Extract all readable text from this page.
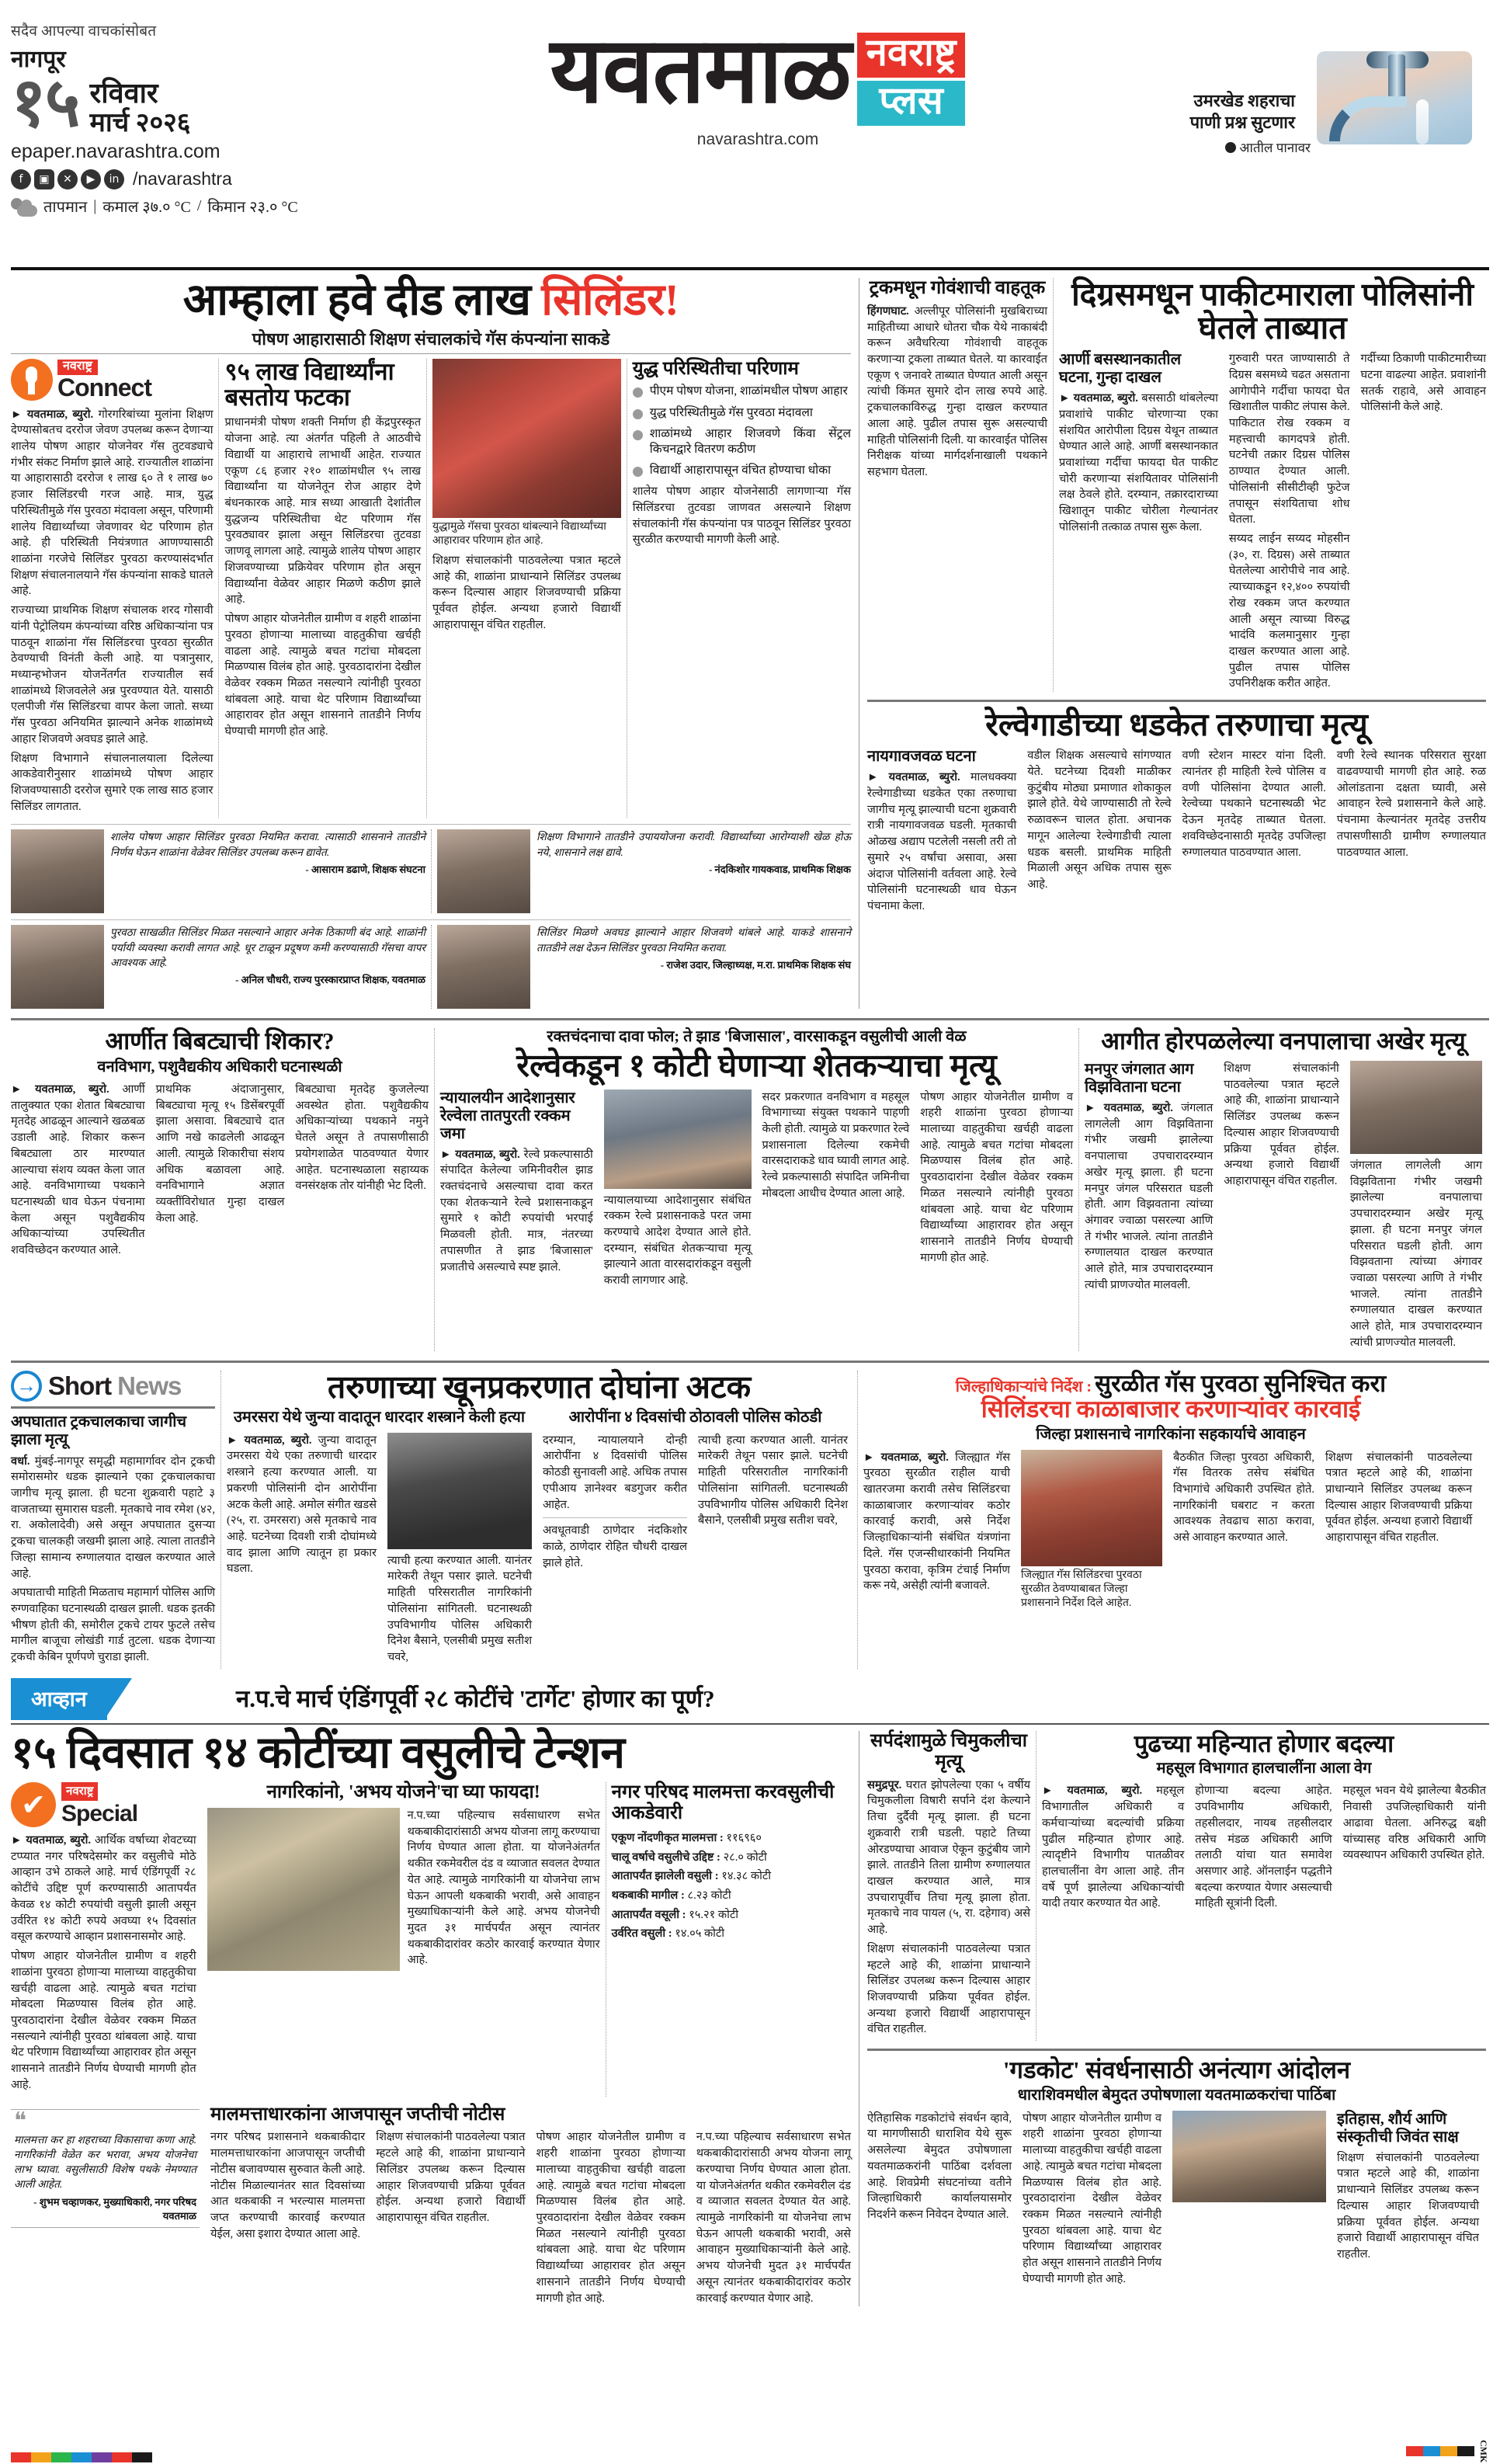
सदैव आपल्या वाचकांसोबत
नागपूर
१५ रविवार
मार्च २०२६
epaper.navarashtra.com
f	▣	✕	▶	in /navarashtra
तापमान | कमाल ३७.० °C / किमान २३.० °C
यवतमाळ नवराष्ट्र
प्लस
navarashtra.com
उमरखेड शहराचा पाणी प्रश्न सुटणार
आतील पानावर
आम्हाला हवे दीड लाख सिलिंडर!
पोषण आहारासाठी शिक्षण संचालकांचे गॅस कंपन्यांना साकडे
नवराष्ट्र
Connect

► यवतमाळ, ब्युरो. गोरगरिबांच्या मुलांना शिक्षण देण्यासोबतच दररोज जेवण उपलब्ध करून देणाऱ्या शालेय पोषण आहार योजनेवर गॅस तुटवड्याचे गंभीर संकट निर्माण झाले आहे. राज्यातील शाळांना या आहारासाठी दररोज १ लाख ६० ते १ लाख ७० हजार सिलिंडरची गरज आहे. मात्र, युद्ध परिस्थितीमुळे गॅस पुरवठा मंदावला असून, परिणामी शालेय विद्यार्थ्यांच्या जेवणावर थेट परिणाम होत आहे. ही परिस्थिती नियंत्रणात आणण्यासाठी शाळांना गरजेचे सिलिंडर पुरवठा करण्यासंदर्भात शिक्षण संचालनालयाने गॅस कंपन्यांना साकडे घातले आहे.

राज्याच्या प्राथमिक शिक्षण संचालक शरद गोसावी यांनी पेट्रोलियम कंपन्यांच्या वरिष्ठ अधिकाऱ्यांना पत्र पाठवून शाळांना गॅस सिलिंडरचा पुरवठा सुरळीत ठेवण्याची विनंती केली आहे. या पत्रानुसार, मध्यान्हभोजन योजनेंतर्गत राज्यातील सर्व शाळांमध्ये शिजवलेले अन्न पुरवण्यात येते. यासाठी एलपीजी गॅस सिलिंडरचा वापर केला जातो. सध्या गॅस पुरवठा अनियमित झाल्याने अनेक शाळांमध्ये आहार शिजवणे अवघड झाले आहे.

शिक्षण विभागाने संचालनालयाला दिलेल्या आकडेवारीनुसार शाळांमध्ये पोषण आहार शिजवण्यासाठी दररोज सुमारे एक लाख साठ हजार सिलिंडर लागतात.

९५ लाख विद्यार्थ्यांना बसतोय फटका

प्राधानमंत्री पोषण शक्ती निर्माण ही केंद्रपुरस्कृत योजना आहे. त्या अंतर्गत पहिली ते आठवीचे विद्यार्थी या आहाराचे लाभार्थी आहेत. राज्यात एकूण ८६ हजार २१० शाळांमधील ९५ लाख विद्यार्थ्यांना या योजनेतून रोज आहार देणे बंधनकारक आहे. मात्र सध्या आखाती देशांतील युद्धजन्य परिस्थितीचा थेट परिणाम गॅस पुरवठ्यावर झाला असून सिलिंडरचा तुटवडा जाणवू लागला आहे. त्यामुळे शालेय पोषण आहार शिजवण्याच्या प्रक्रियेवर परिणाम होत असून विद्यार्थ्यांना वेळेवर आहार मिळणे कठीण झाले आहे.

पोषण आहार योजनेतील ग्रामीण व शहरी शाळांना पुरवठा होणाऱ्या मालाच्या वाहतुकीचा खर्चही वाढला आहे. त्यामुळे बचत गटांचा मोबदला मिळण्यास विलंब होत आहे. पुरवठादारांना देखील वेळेवर रक्कम मिळत नसल्याने त्यांनीही पुरवठा थांबवला आहे. याचा थेट परिणाम विद्यार्थ्यांच्या आहारावर होत असून शासनाने तातडीने निर्णय घेण्याची मागणी होत आहे.

युद्धामुळे गॅसचा पुरवठा थांबल्याने विद्यार्थ्यांच्या आहारावर परिणाम होत आहे.

शिक्षण संचालकांनी पाठवलेल्या पत्रात म्हटले आहे की, शाळांना प्राधान्याने सिलिंडर उपलब्ध करून दिल्यास आहार शिजवण्याची प्रक्रिया पूर्ववत होईल. अन्यथा हजारो विद्यार्थी आहारापासून वंचित राहतील.

युद्ध परिस्थितीचा परिणाम
पीएम पोषण योजना, शाळांमधील पोषण आहार
युद्ध परिस्थितीमुळे गॅस पुरवठा मंदावला
शाळांमध्ये आहार शिजवणे किंवा सेंट्रल किचनद्वारे वितरण कठीण
विद्यार्थी आहारापासून वंचित होण्याचा धोका
शालेय पोषण आहार योजनेसाठी लागणाऱ्या गॅस सिलिंडरचा तुटवडा जाणवत असल्याने शिक्षण संचालकांनी गॅस कंपन्यांना पत्र पाठवून सिलिंडर पुरवठा सुरळीत करण्याची मागणी केली आहे.
शालेय पोषण आहार सिलिंडर पुरवठा नियमित करावा. त्यासाठी शासनाने तातडीने निर्णय घेऊन शाळांना वेळेवर सिलिंडर उपलब्ध करून द्यावेत.
- आसाराम डढाणे, शिक्षक संघटना
शिक्षण विभागाने तातडीने उपाययोजना करावी. विद्यार्थ्यांच्या आरोग्याशी खेळ होऊ नये, शासनाने लक्ष द्यावे.
- नंदकिशोर गायकवाड, प्राथमिक शिक्षक
पुरवठा साखळीत सिलिंडर मिळत नसल्याने आहार अनेक ठिकाणी बंद आहे. शाळांनी पर्यायी व्यवस्था करावी लागत आहे. धूर टाळून प्रदूषण कमी करण्यासाठी गॅसचा वापर आवश्यक आहे.
- अनिल चौधरी, राज्य पुरस्कारप्राप्त शिक्षक, यवतमाळ
सिलिंडर मिळणे अवघड झाल्याने आहार शिजवणे थांबले आहे. याकडे शासनाने तातडीने लक्ष देऊन सिलिंडर पुरवठा नियमित करावा.
- राजेश उदार, जिल्हाध्यक्ष, म.रा. प्राथमिक शिक्षक संघ
ट्रकमधून गोवंशाची वाहतूक

हिंगणघाट. अल्लीपूर पोलिसांनी मुखबिराच्या माहितीच्या आधारे धोतरा चौक येथे नाकाबंदी करून अवैधरित्या गोवंशाची वाहतूक करणाऱ्या ट्रकला ताब्यात घेतले. या कारवाईत एकूण ९ जनावरे ताब्यात घेण्यात आली असून त्यांची किंमत सुमारे दोन लाख रुपये आहे. ट्रकचालकाविरुद्ध गुन्हा दाखल करण्यात आला आहे. पुढील तपास सुरू असल्याची माहिती पोलिसांनी दिली. या कारवाईत पोलिस निरीक्षक यांच्या मार्गदर्शनाखाली पथकाने सहभाग घेतला.

दिग्रसमधून पाकीटमाराला पोलिसांनी घेतले ताब्यात
आर्णी बसस्थानकातील घटना, गुन्हा दाखल

► यवतमाळ, ब्युरो. बससाठी थांबलेल्या प्रवाशांचे पाकीट चोरणाऱ्या एका संशयित आरोपीला दिग्रस येथून ताब्यात घेण्यात आले आहे. आर्णी बसस्थानकात प्रवाशांच्या गर्दीचा फायदा घेत पाकीट चोरी करणाऱ्या संशयितावर पोलिसांनी लक्ष ठेवले होते. दरम्यान, तक्रारदाराच्या खिशातून पाकीट चोरीला गेल्यानंतर पोलिसांनी तत्काळ तपास सुरू केला.

गुरुवारी परत जाण्यासाठी ते दिग्रस बसमध्ये चढत असताना आगेापीने गर्दीचा फायदा घेत खिशातील पाकीट लंपास केले. पाकिटात रोख रक्कम व महत्त्वाची कागदपत्रे होती. घटनेची तक्रार दिग्रस पोलिस ठाण्यात देण्यात आली. पोलिसांनी सीसीटीव्ही फुटेज तपासून संशयिताचा शोध घेतला.
सय्यद लाईन सय्यद मोहसीन (३०, रा. दिग्रस) असे ताब्यात घेतलेल्या आरोपीचे नाव आहे. त्याच्याकडून १२,४०० रुपयांची रोख रक्कम जप्त करण्यात आली असून त्याच्या विरुद्ध भादंवि कलमानुसार गुन्हा दाखल करण्यात आला आहे. पुढील तपास पोलिस उपनिरीक्षक करीत आहेत.
गर्दीच्या ठिकाणी पाकीटमारीच्या घटना वाढल्या आहेत. प्रवाशांनी सतर्क राहावे, असे आवाहन पोलिसांनी केले आहे.
रेल्वेगाडीच्या धडकेत तरुणाचा मृत्यू
नायगावजवळ घटना

► यवतमाळ, ब्युरो. मालधक्क्या रेल्वेगाडीच्या धडकेत एका तरुणाचा जागीच मृत्यू झाल्याची घटना शुक्रवारी रात्री नायगावजवळ घडली. मृतकाची ओळख अद्याप पटलेली नसली तरी तो सुमारे २५ वर्षांचा असावा, असा अंदाज पोलिसांनी वर्तवला आहे. रेल्वे पोलिसांनी घटनास्थळी धाव घेऊन पंचनामा केला.

वडील शिक्षक असल्याचे सांगण्यात येते. घटनेच्या दिवशी माळीकर कुटुंबीय मोठ्या प्रमाणात शोकाकुल झाले होते. येथे जाण्यासाठी तो रेल्वे रुळावरून चालत होता. अचानक मागून आलेल्या रेल्वेगाडीची त्याला धडक बसली. प्राथमिक माहिती मिळाली असून अधिक तपास सुरू आहे.
वणी स्टेशन मास्टर यांना दिली. त्यानंतर ही माहिती रेल्वे पोलिस व वणी पोलिसांना देण्यात आली. रेल्वेच्या पथकाने घटनास्थळी भेट देऊन मृतदेह ताब्यात घेतला. शवविच्छेदनासाठी मृतदेह उपजिल्हा रुग्णालयात पाठवण्यात आला.
वणी रेल्वे स्थानक परिसरात सुरक्षा वाढवण्याची मागणी होत आहे. रुळ ओलांडताना दक्षता घ्यावी, असे आवाहन रेल्वे प्रशासनाने केले आहे. पंचनामा केल्यानंतर मृतदेह उत्तरीय तपासणीसाठी ग्रामीण रुग्णालयात पाठवण्यात आला.
आर्णीत बिबट्याची शिकार?
वनविभाग, पशुवैद्यकीय अधिकारी घटनास्थळी

► यवतमाळ, ब्युरो. आर्णी तालुक्यात एका शेतात बिबट्याचा मृतदेह आढळून आल्याने खळबळ उडाली आहे. शिकार करून बिबट्याला ठार मारण्यात आल्याचा संशय व्यक्त केला जात आहे. वनविभागाच्या पथकाने घटनास्थळी धाव घेऊन पंचनामा केला असून पशुवैद्यकीय अधिकाऱ्यांच्या उपस्थितीत शवविच्छेदन करण्यात आले.

प्राथमिक अंदाजानुसार, बिबट्याचा मृत्यू १५ डिसेंबरपूर्वी झाला असावा. बिबट्याचे दात आणि नखे काढलेली आढळून आली. त्यामुळे शिकारीचा संशय अधिक बळावला आहे. वनविभागाने अज्ञात व्यक्तींविरोधात गुन्हा दाखल केला आहे.
बिबट्याचा मृतदेह कुजलेल्या अवस्थेत होता. पशुवैद्यकीय अधिकाऱ्यांच्या पथकाने नमुने घेतले असून ते तपासणीसाठी प्रयोगशाळेत पाठवण्यात येणार आहेत. घटनास्थळाला सहाय्यक वनसंरक्षक तोर यांनीही भेट दिली.
रक्तचंदनाचा दावा फोल; ते झाड 'बिजासाल', वारसाकडून वसुलीची आली वेळ
रेल्वेकडून १ कोटी घेणाऱ्या शेतकऱ्याचा मृत्यू
न्यायालयीन आदेशानुसार रेल्वेला तातपुरती रक्कम जमा

► यवतमाळ, ब्युरो. रेल्वे प्रकल्पासाठी संपादित केलेल्या जमिनीवरील झाड रक्तचंदनाचे असल्याचा दावा करत एका शेतकऱ्याने रेल्वे प्रशासनाकडून सुमारे १ कोटी रुपयांची भरपाई मिळवली होती. मात्र, नंतरच्या तपासणीत ते झाड 'बिजासाल' प्रजातीचे असल्याचे स्पष्ट झाले.

न्यायालयाच्या आदेशानुसार संबंधित रक्कम रेल्वे प्रशासनाकडे परत जमा करण्याचे आदेश देण्यात आले होते. दरम्यान, संबंधित शेतकऱ्याचा मृत्यू झाल्याने आता वारसदारांकडून वसुली करावी लागणार आहे.
सदर प्रकरणात वनविभाग व महसूल विभागाच्या संयुक्त पथकाने पाहणी केली होती. त्यामुळे या प्रकरणात रेल्वे प्रशासनाला दिलेल्या रकमेची वारसदाराकडे धाव घ्यावी लागत आहे. रेल्वे प्रकल्पासाठी संपादित जमिनीचा मोबदला आधीच देण्यात आला आहे.
पोषण आहार योजनेतील ग्रामीण व शहरी शाळांना पुरवठा होणाऱ्या मालाच्या वाहतुकीचा खर्चही वाढला आहे. त्यामुळे बचत गटांचा मोबदला मिळण्यास विलंब होत आहे. पुरवठादारांना देखील वेळेवर रक्कम मिळत नसल्याने त्यांनीही पुरवठा थांबवला आहे. याचा थेट परिणाम विद्यार्थ्यांच्या आहारावर होत असून शासनाने तातडीने निर्णय घेण्याची मागणी होत आहे.
आगीत होरपळलेल्या वनपालाचा अखेर मृत्यू
मनपुर जंगलात आग विझविताना घटना

► यवतमाळ, ब्युरो. जंगलात लागलेली आग विझविताना गंभीर जखमी झालेल्या वनपालाचा उपचारादरम्यान अखेर मृत्यू झाला. ही घटना मनपुर जंगल परिसरात घडली होती. आग विझवताना त्यांच्या अंगावर ज्वाळा पसरल्या आणि ते गंभीर भाजले. त्यांना तातडीने रुग्णालयात दाखल करण्यात आले होते, मात्र उपचारादरम्यान त्यांची प्राणज्योत मालवली.

शिक्षण संचालकांनी पाठवलेल्या पत्रात म्हटले आहे की, शाळांना प्राधान्याने सिलिंडर उपलब्ध करून दिल्यास आहार शिजवण्याची प्रक्रिया पूर्ववत होईल. अन्यथा हजारो विद्यार्थी आहारापासून वंचित राहतील.
जंगलात लागलेली आग विझविताना गंभीर जखमी झालेल्या वनपालाचा उपचारादरम्यान अखेर मृत्यू झाला. ही घटना मनपुर जंगल परिसरात घडली होती. आग विझवताना त्यांच्या अंगावर ज्वाळा पसरल्या आणि ते गंभीर भाजले. त्यांना तातडीने रुग्णालयात दाखल करण्यात आले होते, मात्र उपचारादरम्यान त्यांची प्राणज्योत मालवली.
→
Short News
अपघातात ट्रकचालकाचा जागीच झाला मृत्यू

वर्धा. मुंबई-नागपूर समृद्धी महामार्गावर दोन ट्रकची समोरासमोर धडक झाल्याने एका ट्रकचालकाचा जागीच मृत्यू झाला. ही घटना शुक्रवारी पहाटे ३ वाजताच्या सुमारास घडली. मृतकाचे नाव रमेश (४२, रा. अकोलादेवी) असे असून अपघातात दुसऱ्या ट्रकचा चालकही जखमी झाला आहे. त्याला तातडीने जिल्हा सामान्य रुग्णालयात दाखल करण्यात आले आहे.

अपघाताची माहिती मिळताच महामार्ग पोलिस आणि रुग्णवाहिका घटनास्थळी दाखल झाली. धडक इतकी भीषण होती की, समोरील ट्रकचे टायर फुटले तसेच मागील बाजूचा लोखंडी गार्ड तुटला. धडक देणाऱ्या ट्रकची केबिन पूर्णपणे चुराडा झाली.

तरुणाच्या खूनप्रकरणात दोघांना अटक
उमरसरा येथे जुन्या वादातून धारदार शस्त्राने केली हत्या	आरोपींना ४ दिवसांची ठोठावली पोलिस कोठडी

► यवतमाळ, ब्युरो. जुन्या वादातून उमरसरा येथे एका तरुणाची धारदार शस्त्राने हत्या करण्यात आली. या प्रकरणी पोलिसांनी दोन आरोपींना अटक केली आहे. अमोल संगीत खडसे (२५, रा. उमरसरा) असे मृतकाचे नाव आहे. घटनेच्या दिवशी रात्री दोघांमध्ये वाद झाला आणि त्यातून हा प्रकार घडला.

त्याची हत्या करण्यात आली. यानंतर मारेकरी तेथून पसार झाले. घटनेची माहिती परिसरातील नागरिकांनी पोलिसांना सांगितली. घटनास्थळी उपविभागीय पोलिस अधिकारी दिनेश बैसाने, एलसीबी प्रमुख सतीश चवरे,
दरम्यान, न्यायालयाने दोन्ही आरोपींना ४ दिवसांची पोलिस कोठडी सुनावली आहे. अधिक तपास एपीआय ज्ञानेश्वर बडगुजर करीत आहेत.
अवधूतवाडी ठाणेदार नंदकिशोर काळे, ठाणेदार रोहित चौधरी दाखल झाले होते.
त्याची हत्या करण्यात आली. यानंतर मारेकरी तेथून पसार झाले. घटनेची माहिती परिसरातील नागरिकांनी पोलिसांना सांगितली. घटनास्थळी उपविभागीय पोलिस अधिकारी दिनेश बैसाने, एलसीबी प्रमुख सतीश चवरे,
जिल्हाधिकाऱ्यांचे निर्देश : सुरळीत गॅस पुरवठा सुनिश्चित करा
सिलिंडरचा काळाबाजार करणाऱ्यांवर कारवाई
जिल्हा प्रशासनाचे नागरिकांना सहकार्याचे आवाहन

► यवतमाळ, ब्युरो. जिल्ह्यात गॅस पुरवठा सुरळीत राहील याची खातरजमा करावी तसेच सिलिंडरचा काळाबाजार करणाऱ्यांवर कठोर कारवाई करावी, असे निर्देश जिल्हाधिकाऱ्यांनी संबंधित यंत्रणांना दिले. गॅस एजन्सीधारकांनी नियमित पुरवठा करावा, कृत्रिम टंचाई निर्माण करू नये, असेही त्यांनी बजावले.

जिल्ह्यात गॅस सिलिंडरचा पुरवठा सुरळीत ठेवण्याबाबत जिल्हा प्रशासनाने निर्देश दिले आहेत.
बैठकीत जिल्हा पुरवठा अधिकारी, गॅस वितरक तसेच संबंधित विभागांचे अधिकारी उपस्थित होते. नागरिकांनी घबराट न करता आवश्यक तेवढाच साठा करावा, असे आवाहन करण्यात आले.
शिक्षण संचालकांनी पाठवलेल्या पत्रात म्हटले आहे की, शाळांना प्राधान्याने सिलिंडर उपलब्ध करून दिल्यास आहार शिजवण्याची प्रक्रिया पूर्ववत होईल. अन्यथा हजारो विद्यार्थी आहारापासून वंचित राहतील.
आव्हान	न.प.चे मार्च एंडिंगपूर्वी २८ कोटींचे 'टार्गेट' होणार का पूर्ण?
१५ दिवसात १४ कोटींच्या वसुलीचे टेन्शन
✔
नवराष्ट्र
Special

► यवतमाळ, ब्युरो. आर्थिक वर्षाच्या शेवटच्या टप्प्यात नगर परिषदेसमोर कर वसुलीचे मोठे आव्हान उभे ठाकले आहे. मार्च एंडिंगपूर्वी २८ कोटींचे उद्दिष्ट पूर्ण करण्यासाठी आतापर्यंत केवळ १४ कोटी रुपयांची वसुली झाली असून उर्वरित १४ कोटी रुपये अवघ्या १५ दिवसांत वसूल करण्याचे आव्हान प्रशासनासमोर आहे.

पोषण आहार योजनेतील ग्रामीण व शहरी शाळांना पुरवठा होणाऱ्या मालाच्या वाहतुकीचा खर्चही वाढला आहे. त्यामुळे बचत गटांचा मोबदला मिळण्यास विलंब होत आहे. पुरवठादारांना देखील वेळेवर रक्कम मिळत नसल्याने त्यांनीही पुरवठा थांबवला आहे. याचा थेट परिणाम विद्यार्थ्यांच्या आहारावर होत असून शासनाने तातडीने निर्णय घेण्याची मागणी होत आहे.

नागरिकांनो, 'अभय योजने'चा घ्या फायदा!
न.प.च्या पहिल्याच सर्वसाधारण सभेत थकबाकीदारांसाठी अभय योजना लागू करण्याचा निर्णय घेण्यात आला होता. या योजनेअंतर्गत थकीत रकमेवरील दंड व व्याजात सवलत देण्यात येत आहे. त्यामुळे नागरिकांनी या योजनेचा लाभ घेऊन आपली थकबाकी भरावी, असे आवाहन मुख्याधिकाऱ्यांनी केले आहे. अभय योजनेची मुदत ३१ मार्चपर्यंत असून त्यानंतर थकबाकीदारांवर कठोर कारवाई करण्यात येणार आहे.
नगर परिषद मालमत्ता करवसुलीची आकडेवारी

एकूण नोंदणीकृत मालमत्ता : ११६९६०

चालू वर्षाचे वसुलीचे उद्दिष्ट : २८.० कोटी

आतापर्यंत झालेली वसुली : १४.३८ कोटी

थकबाकी मागील : ८.२३ कोटी

आतापर्यंत वसूली : १५.२१ कोटी

उर्वरित वसुली : १४.०५ कोटी

❝
मालमत्ता कर हा शहराच्या विकासाचा कणा आहे. नागरिकांनी वेळेत कर भरावा, अभय योजनेचा लाभ घ्यावा. वसुलीसाठी विशेष पथके नेमण्यात आली आहेत.
- शुभम चव्हाणकर, मुख्याधिकारी, नगर परिषद यवतमाळ
मालमत्ताधारकांना आजपासून जप्तीची नोटीस
नगर परिषद प्रशासनाने थकबाकीदार मालमत्ताधारकांना आजपासून जप्तीची नोटीस बजावण्यास सुरुवात केली आहे. नोटीस मिळाल्यानंतर सात दिवसांच्या आत थकबाकी न भरल्यास मालमत्ता जप्त करण्याची कारवाई करण्यात येईल, असा इशारा देण्यात आला आहे.
शिक्षण संचालकांनी पाठवलेल्या पत्रात म्हटले आहे की, शाळांना प्राधान्याने सिलिंडर उपलब्ध करून दिल्यास आहार शिजवण्याची प्रक्रिया पूर्ववत होईल. अन्यथा हजारो विद्यार्थी आहारापासून वंचित राहतील.
पोषण आहार योजनेतील ग्रामीण व शहरी शाळांना पुरवठा होणाऱ्या मालाच्या वाहतुकीचा खर्चही वाढला आहे. त्यामुळे बचत गटांचा मोबदला मिळण्यास विलंब होत आहे. पुरवठादारांना देखील वेळेवर रक्कम मिळत नसल्याने त्यांनीही पुरवठा थांबवला आहे. याचा थेट परिणाम विद्यार्थ्यांच्या आहारावर होत असून शासनाने तातडीने निर्णय घेण्याची मागणी होत आहे.
न.प.च्या पहिल्याच सर्वसाधारण सभेत थकबाकीदारांसाठी अभय योजना लागू करण्याचा निर्णय घेण्यात आला होता. या योजनेअंतर्गत थकीत रकमेवरील दंड व व्याजात सवलत देण्यात येत आहे. त्यामुळे नागरिकांनी या योजनेचा लाभ घेऊन आपली थकबाकी भरावी, असे आवाहन मुख्याधिकाऱ्यांनी केले आहे. अभय योजनेची मुदत ३१ मार्चपर्यंत असून त्यानंतर थकबाकीदारांवर कठोर कारवाई करण्यात येणार आहे.
सर्पदंशामुळे चिमुकलीचा मृत्यू

समुद्रपूर. घरात झोपलेल्या एका ५ वर्षीय चिमुकलीला विषारी सर्पाने दंश केल्याने तिचा दुर्दैवी मृत्यू झाला. ही घटना शुक्रवारी रात्री घडली. पहाटे तिच्या ओरडण्याचा आवाज ऐकून कुटुंबीय जागे झाले. तातडीने तिला ग्रामीण रुग्णालयात दाखल करण्यात आले, मात्र उपचारापूर्वीच तिचा मृत्यू झाला होता. मृतकाचे नाव पायल (५, रा. दहेगाव) असे आहे.

शिक्षण संचालकांनी पाठवलेल्या पत्रात म्हटले आहे की, शाळांना प्राधान्याने सिलिंडर उपलब्ध करून दिल्यास आहार शिजवण्याची प्रक्रिया पूर्ववत होईल. अन्यथा हजारो विद्यार्थी आहारापासून वंचित राहतील.

पुढच्या महिन्यात होणार बदल्या
महसूल विभागात हालचालींना आला वेग

► यवतमाळ, ब्युरो. महसूल विभागातील अधिकारी व कर्मचाऱ्यांच्या बदल्यांची प्रक्रिया पुढील महिन्यात होणार आहे. त्यादृष्टीने विभागीय पातळीवर हालचालींना वेग आला आहे. तीन वर्षे पूर्ण झालेल्या अधिकाऱ्यांची यादी तयार करण्यात येत आहे.

होणाऱ्या बदल्या आहेत. उपविभागीय अधिकारी, तहसीलदार, नायब तहसीलदार तसेच मंडळ अधिकारी आणि तलाठी यांचा यात समावेश असणार आहे. ऑनलाईन पद्धतीने बदल्या करण्यात येणार असल्याची माहिती सूत्रांनी दिली.
महसूल भवन येथे झालेल्या बैठकीत निवासी उपजिल्हाधिकारी यांनी आढावा घेतला. अनिरुद्ध बक्षी यांच्यासह वरिष्ठ अधिकारी आणि व्यवस्थापन अधिकारी उपस्थित होते.
'गडकोट' संवर्धनासाठी अनंत्याग आंदोलन
धाराशिवमधील बेमुदत उपोषणाला यवतमाळकरांचा पाठिंबा
ऐतिहासिक गडकोटांचे संवर्धन व्हावे, या मागणीसाठी धाराशिव येथे सुरू असलेल्या बेमुदत उपोषणाला यवतमाळकरांनी पाठिंबा दर्शवला आहे. शिवप्रेमी संघटनांच्या वतीने जिल्हाधिकारी कार्यालयासमोर निदर्शने करून निवेदन देण्यात आले.
पोषण आहार योजनेतील ग्रामीण व शहरी शाळांना पुरवठा होणाऱ्या मालाच्या वाहतुकीचा खर्चही वाढला आहे. त्यामुळे बचत गटांचा मोबदला मिळण्यास विलंब होत आहे. पुरवठादारांना देखील वेळेवर रक्कम मिळत नसल्याने त्यांनीही पुरवठा थांबवला आहे. याचा थेट परिणाम विद्यार्थ्यांच्या आहारावर होत असून शासनाने तातडीने निर्णय घेण्याची मागणी होत आहे.
इतिहास, शौर्य आणि संस्कृतीची जिवंत साक्ष
शिक्षण संचालकांनी पाठवलेल्या पत्रात म्हटले आहे की, शाळांना प्राधान्याने सिलिंडर उपलब्ध करून दिल्यास आहार शिजवण्याची प्रक्रिया पूर्ववत होईल. अन्यथा हजारो विद्यार्थी आहारापासून वंचित राहतील.
CMK
